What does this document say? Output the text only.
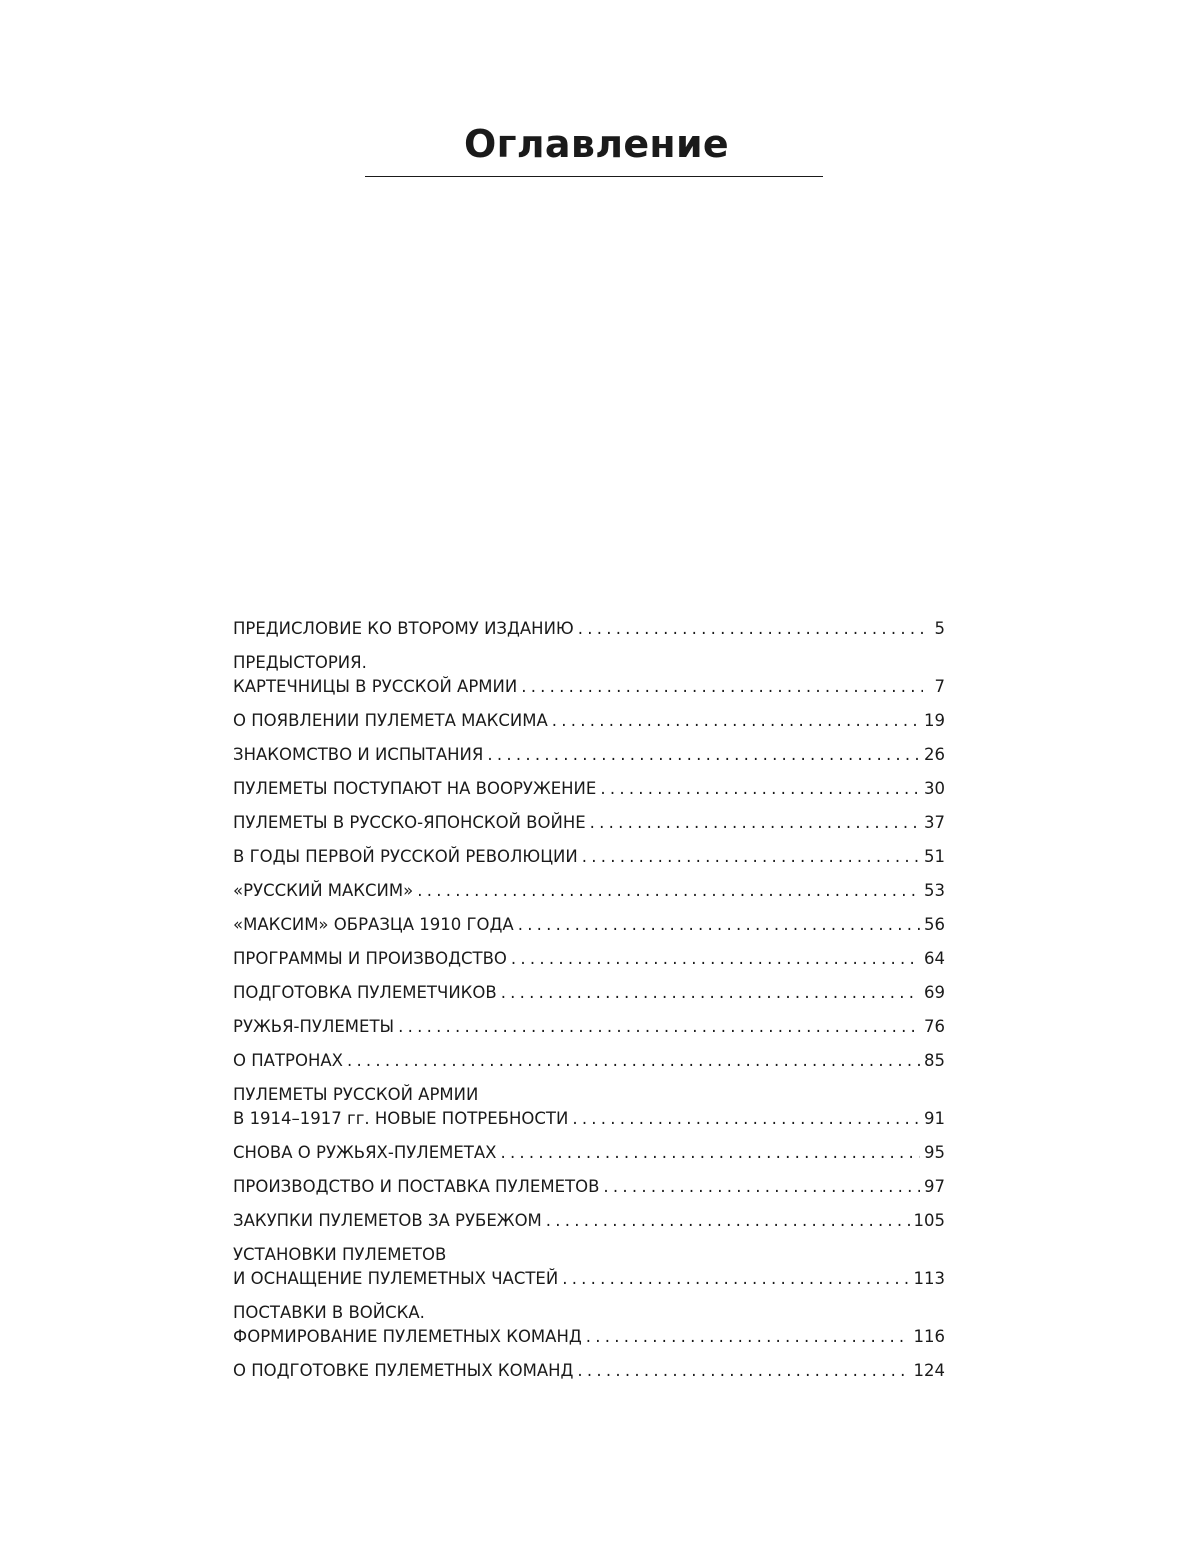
Оглавление
ПРЕДИСЛОВИЕ КО ВТОРОМУ ИЗДАНИЮ . . .	5
ПРЕДЫСТОРИЯ.
КАРТЕЧНИЦЫ В РУССКОЙ АРМИИ . . .	7
О ПОЯВЛЕНИИ ПУЛЕМЕТА МАКСИМА . . .	19
ЗНАКОМСТВО И ИСПЫТАНИЯ . . .	26
ПУЛЕМЕТЫ ПОСТУПАЮТ НА ВООРУЖЕНИЕ . . .	30
ПУЛЕМЕТЫ В РУССКО-ЯПОНСКОЙ ВОЙНЕ . . .	37
В ГОДЫ ПЕРВОЙ РУССКОЙ РЕВОЛЮЦИИ . . .	51
«РУССКИЙ МАКСИМ» . . .	53
«МАКСИМ» ОБРАЗЦА 1910 ГОДА . . .	56
ПРОГРАММЫ И ПРОИЗВОДСТВО . . .	64
ПОДГОТОВКА ПУЛЕМЕТЧИКОВ . . .	69
РУЖЬЯ-ПУЛЕМЕТЫ . . .	76
О ПАТРОНАХ . . .	85
ПУЛЕМЕТЫ РУССКОЙ АРМИИ
В 1914–1917 гг. НОВЫЕ ПОТРЕБНОСТИ . . .	91
СНОВА О РУЖЬЯХ-ПУЛЕМЕТАХ . . .	95
ПРОИЗВОДСТВО И ПОСТАВКА ПУЛЕМЕТОВ . . .	97
ЗАКУПКИ ПУЛЕМЕТОВ ЗА РУБЕЖОМ . . .	105
УСТАНОВКИ ПУЛЕМЕТОВ
И ОСНАЩЕНИЕ ПУЛЕМЕТНЫХ ЧАСТЕЙ . . .	113
ПОСТАВКИ В ВОЙСКА.
ФОРМИРОВАНИЕ ПУЛЕМЕТНЫХ КОМАНД . . .	116
О ПОДГОТОВКЕ ПУЛЕМЕТНЫХ КОМАНД . . .	124
